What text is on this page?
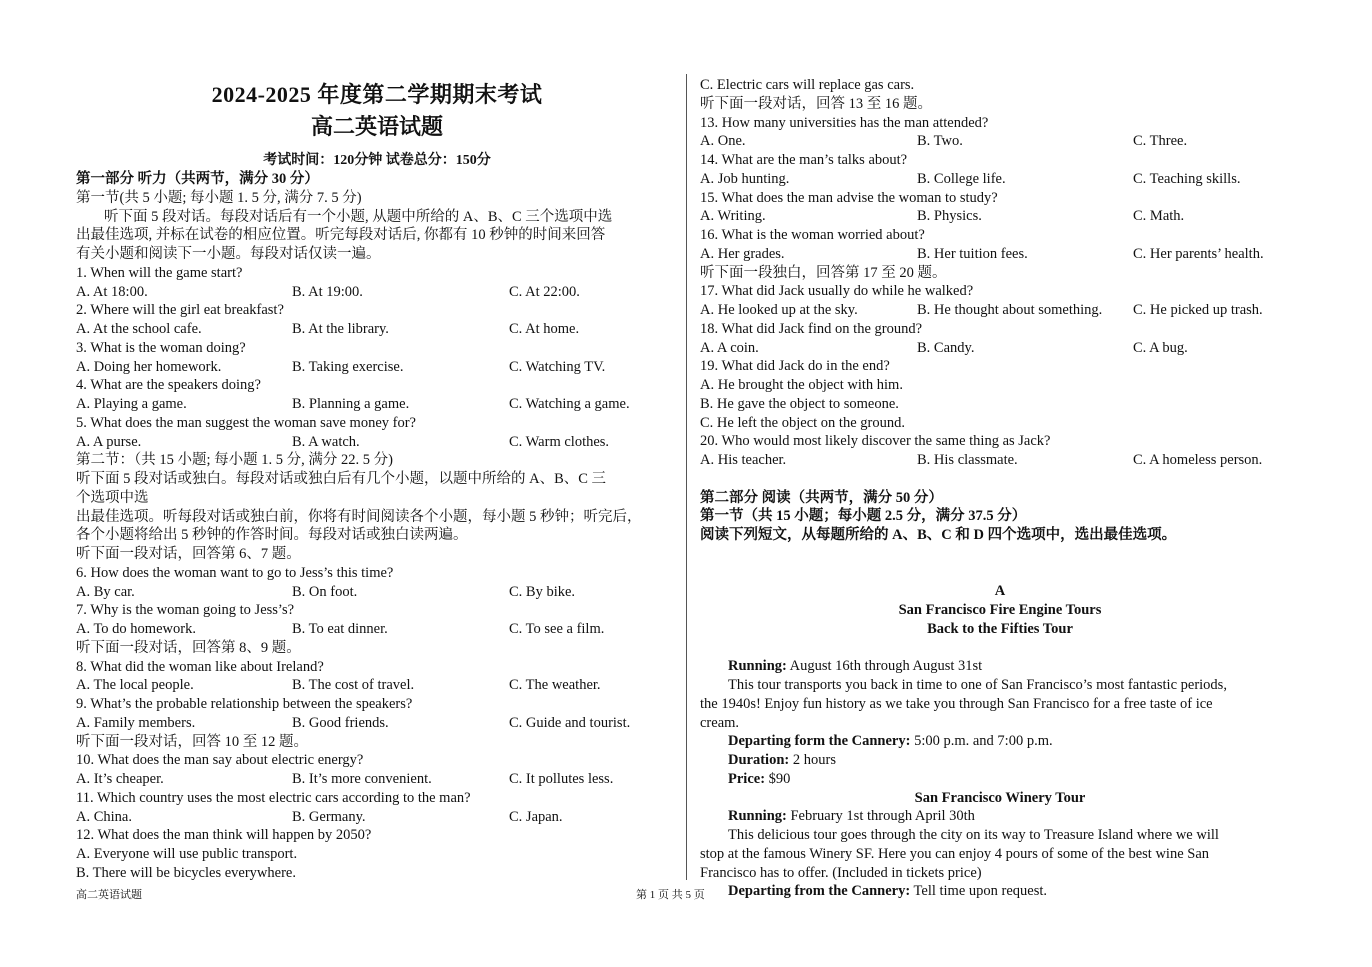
2024-2025 年度第二学期期末考试
高二英语试题
考试时间：120分钟 试卷总分：150分
第一部分 听力（共两节，满分 30 分）
第一节(共 5 小题; 每小题 1. 5 分, 满分 7. 5 分)
听下面 5 段对话。每段对话后有一个小题, 从题中所给的 A、B、C 三个选项中选
出最佳选项, 并标在试卷的相应位置。听完每段对话后, 你都有 10 秒钟的时间来回答
有关小题和阅读下一小题。每段对话仅读一遍。
1. When will the game start?
A. At 18:00.	B. At 19:00.	C. At 22:00.
2. Where will the girl eat breakfast?
A. At the school cafe.	B. At the library.	C. At home.
3. What is the woman doing?
A. Doing her homework.	B. Taking exercise.	C. Watching TV.
4. What are the speakers doing?
A. Playing a game.	B. Planning a game.	C. Watching a game.
5. What does the man suggest the woman save money for?
A. A purse.	B. A watch.	C. Warm clothes.
第二节：（共 15 小题; 每小题 1. 5 分, 满分 22. 5 分)
听下面 5 段对话或独白。每段对话或独白后有几个小题，以题中所给的 A、B、C 三
个选项中选
出最佳选项。听每段对话或独白前，你将有时间阅读各个小题，每小题 5 秒钟；听完后，
各个小题将给出 5 秒钟的作答时间。每段对话或独白读两遍。
听下面一段对话，回答第 6、7 题。
6. How does the woman want to go to Jess’s this time?
A. By car.	B. On foot.	C. By bike.
7. Why is the woman going to Jess’s?
A. To do homework.	B. To eat dinner.	C. To see a film.
听下面一段对话，回答第 8、9 题。
8. What did the woman like about Ireland?
A. The local people.	B. The cost of travel.	C. The weather.
9. What’s the probable relationship between the speakers?
A. Family members.	B. Good friends.	C. Guide and tourist.
听下面一段对话，回答 10 至 12 题。
10. What does the man say about electric energy?
A. It’s cheaper.	B. It’s more convenient.	C. It pollutes less.
11. Which country uses the most electric cars according to the man?
A. China.	B. Germany.	C. Japan.
12. What does the man think will happen by 2050?
A. Everyone will use public transport.
B. There will be bicycles everywhere.
C. Electric cars will replace gas cars.
听下面一段对话，回答 13 至 16 题。
13. How many universities has the man attended?
A. One.	B. Two.	C. Three.
14. What are the man’s talks about?
A. Job hunting.	B. College life.	C. Teaching skills.
15. What does the man advise the woman to study?
A. Writing.	B. Physics.	C. Math.
16. What is the woman worried about?
A. Her grades.	B. Her tuition fees.	C. Her parents’ health.
听下面一段独白，回答第 17 至 20 题。
17. What did Jack usually do while he walked?
A. He looked up at the sky.	B. He thought about something. C. He picked up trash.
18. What did Jack find on the ground?
A. A coin.	B. Candy.	C. A bug.
19. What did Jack do in the end?
A. He brought the object with him.
B. He gave the object to someone.
C. He left the object on the ground.
20. Who would most likely discover the same thing as Jack?
A. His teacher.	B. His classmate.	C. A homeless person.
第二部分 阅读（共两节，满分 50 分）
第一节（共 15 小题；每小题 2.5 分，满分 37.5 分）
阅读下列短文，从每题所给的 A、B、C 和 D 四个选项中，选出最佳选项。
A
San Francisco Fire Engine Tours
Back to the Fifties Tour
Running: August 16th through August 31st
This tour transports you back in time to one of San Francisco’s most fantastic periods,
the 1940s! Enjoy fun history as we take you through San Francisco for a free taste of ice
cream.
Departing form the Cannery: 5:00 p.m. and 7:00 p.m.
Duration: 2 hours
Price: $90
San Francisco Winery Tour
Running: February 1st through April 30th
This delicious tour goes through the city on its way to Treasure Island where we will
stop at the famous Winery SF. Here you can enjoy 4 pours of some of the best wine San
Francisco has to offer. (Included in tickets price)
Departing from the Cannery: Tell time upon request.
高二英语试题	第 1 页 共 5 页
